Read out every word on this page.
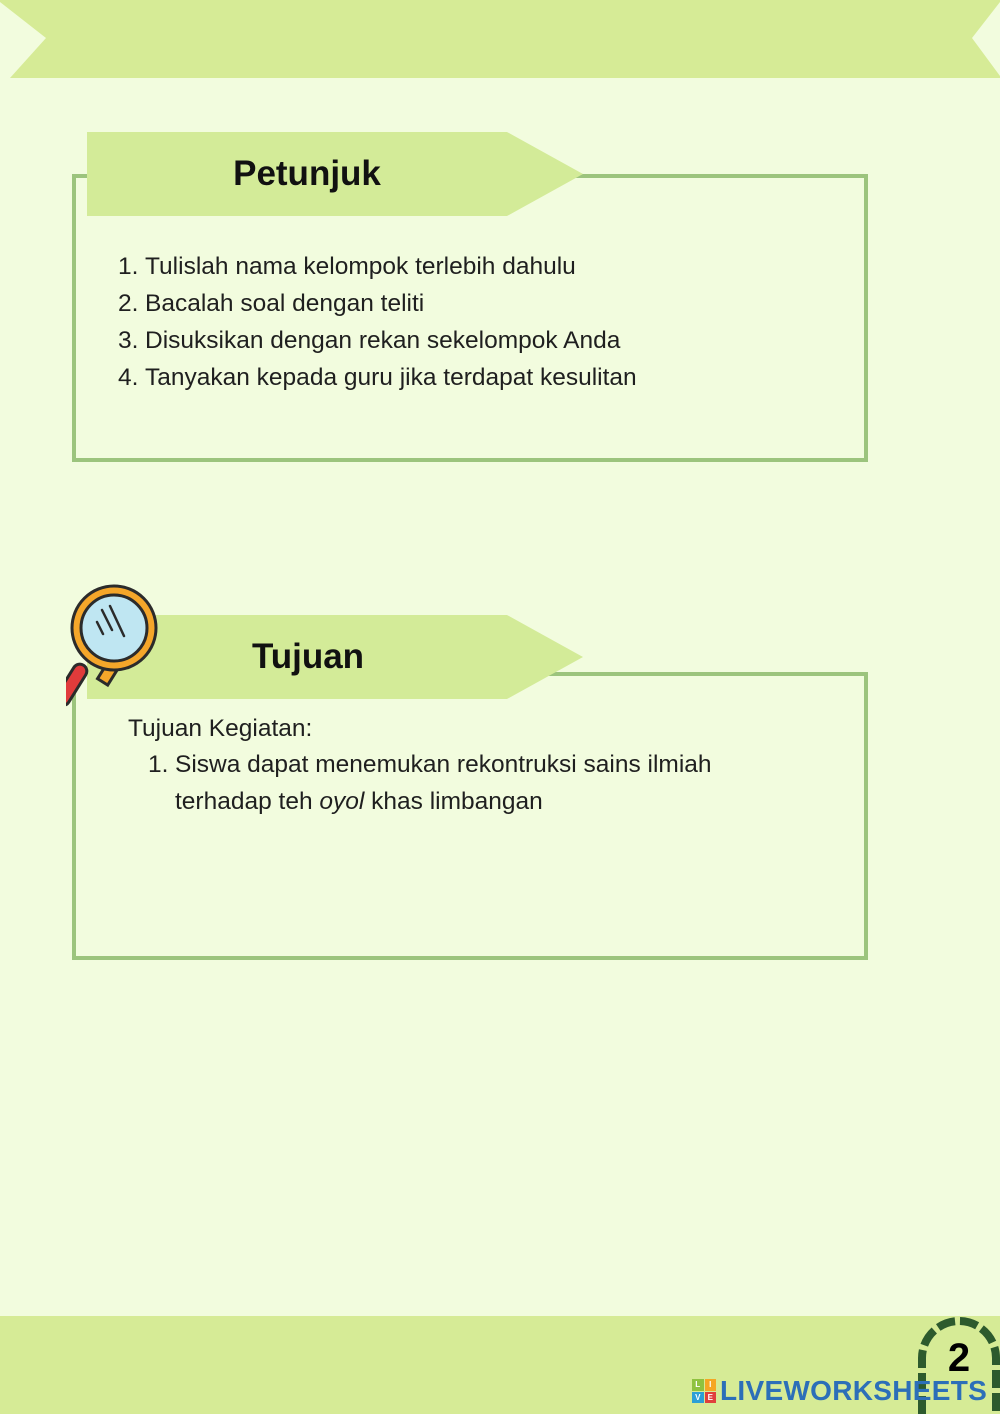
Petunjuk
1. Tulislah nama kelompok terlebih dahulu
2. Bacalah soal dengan teliti
3. Disuksikan dengan rekan sekelompok Anda
4. Tanyakan kepada guru jika terdapat kesulitan
Tujuan
Tujuan Kegiatan:
1. Siswa dapat menemukan rekontruksi sains ilmiah terhadap teh oyol khas limbangan
2
L	I
V E LIVEWORKSHEETS
